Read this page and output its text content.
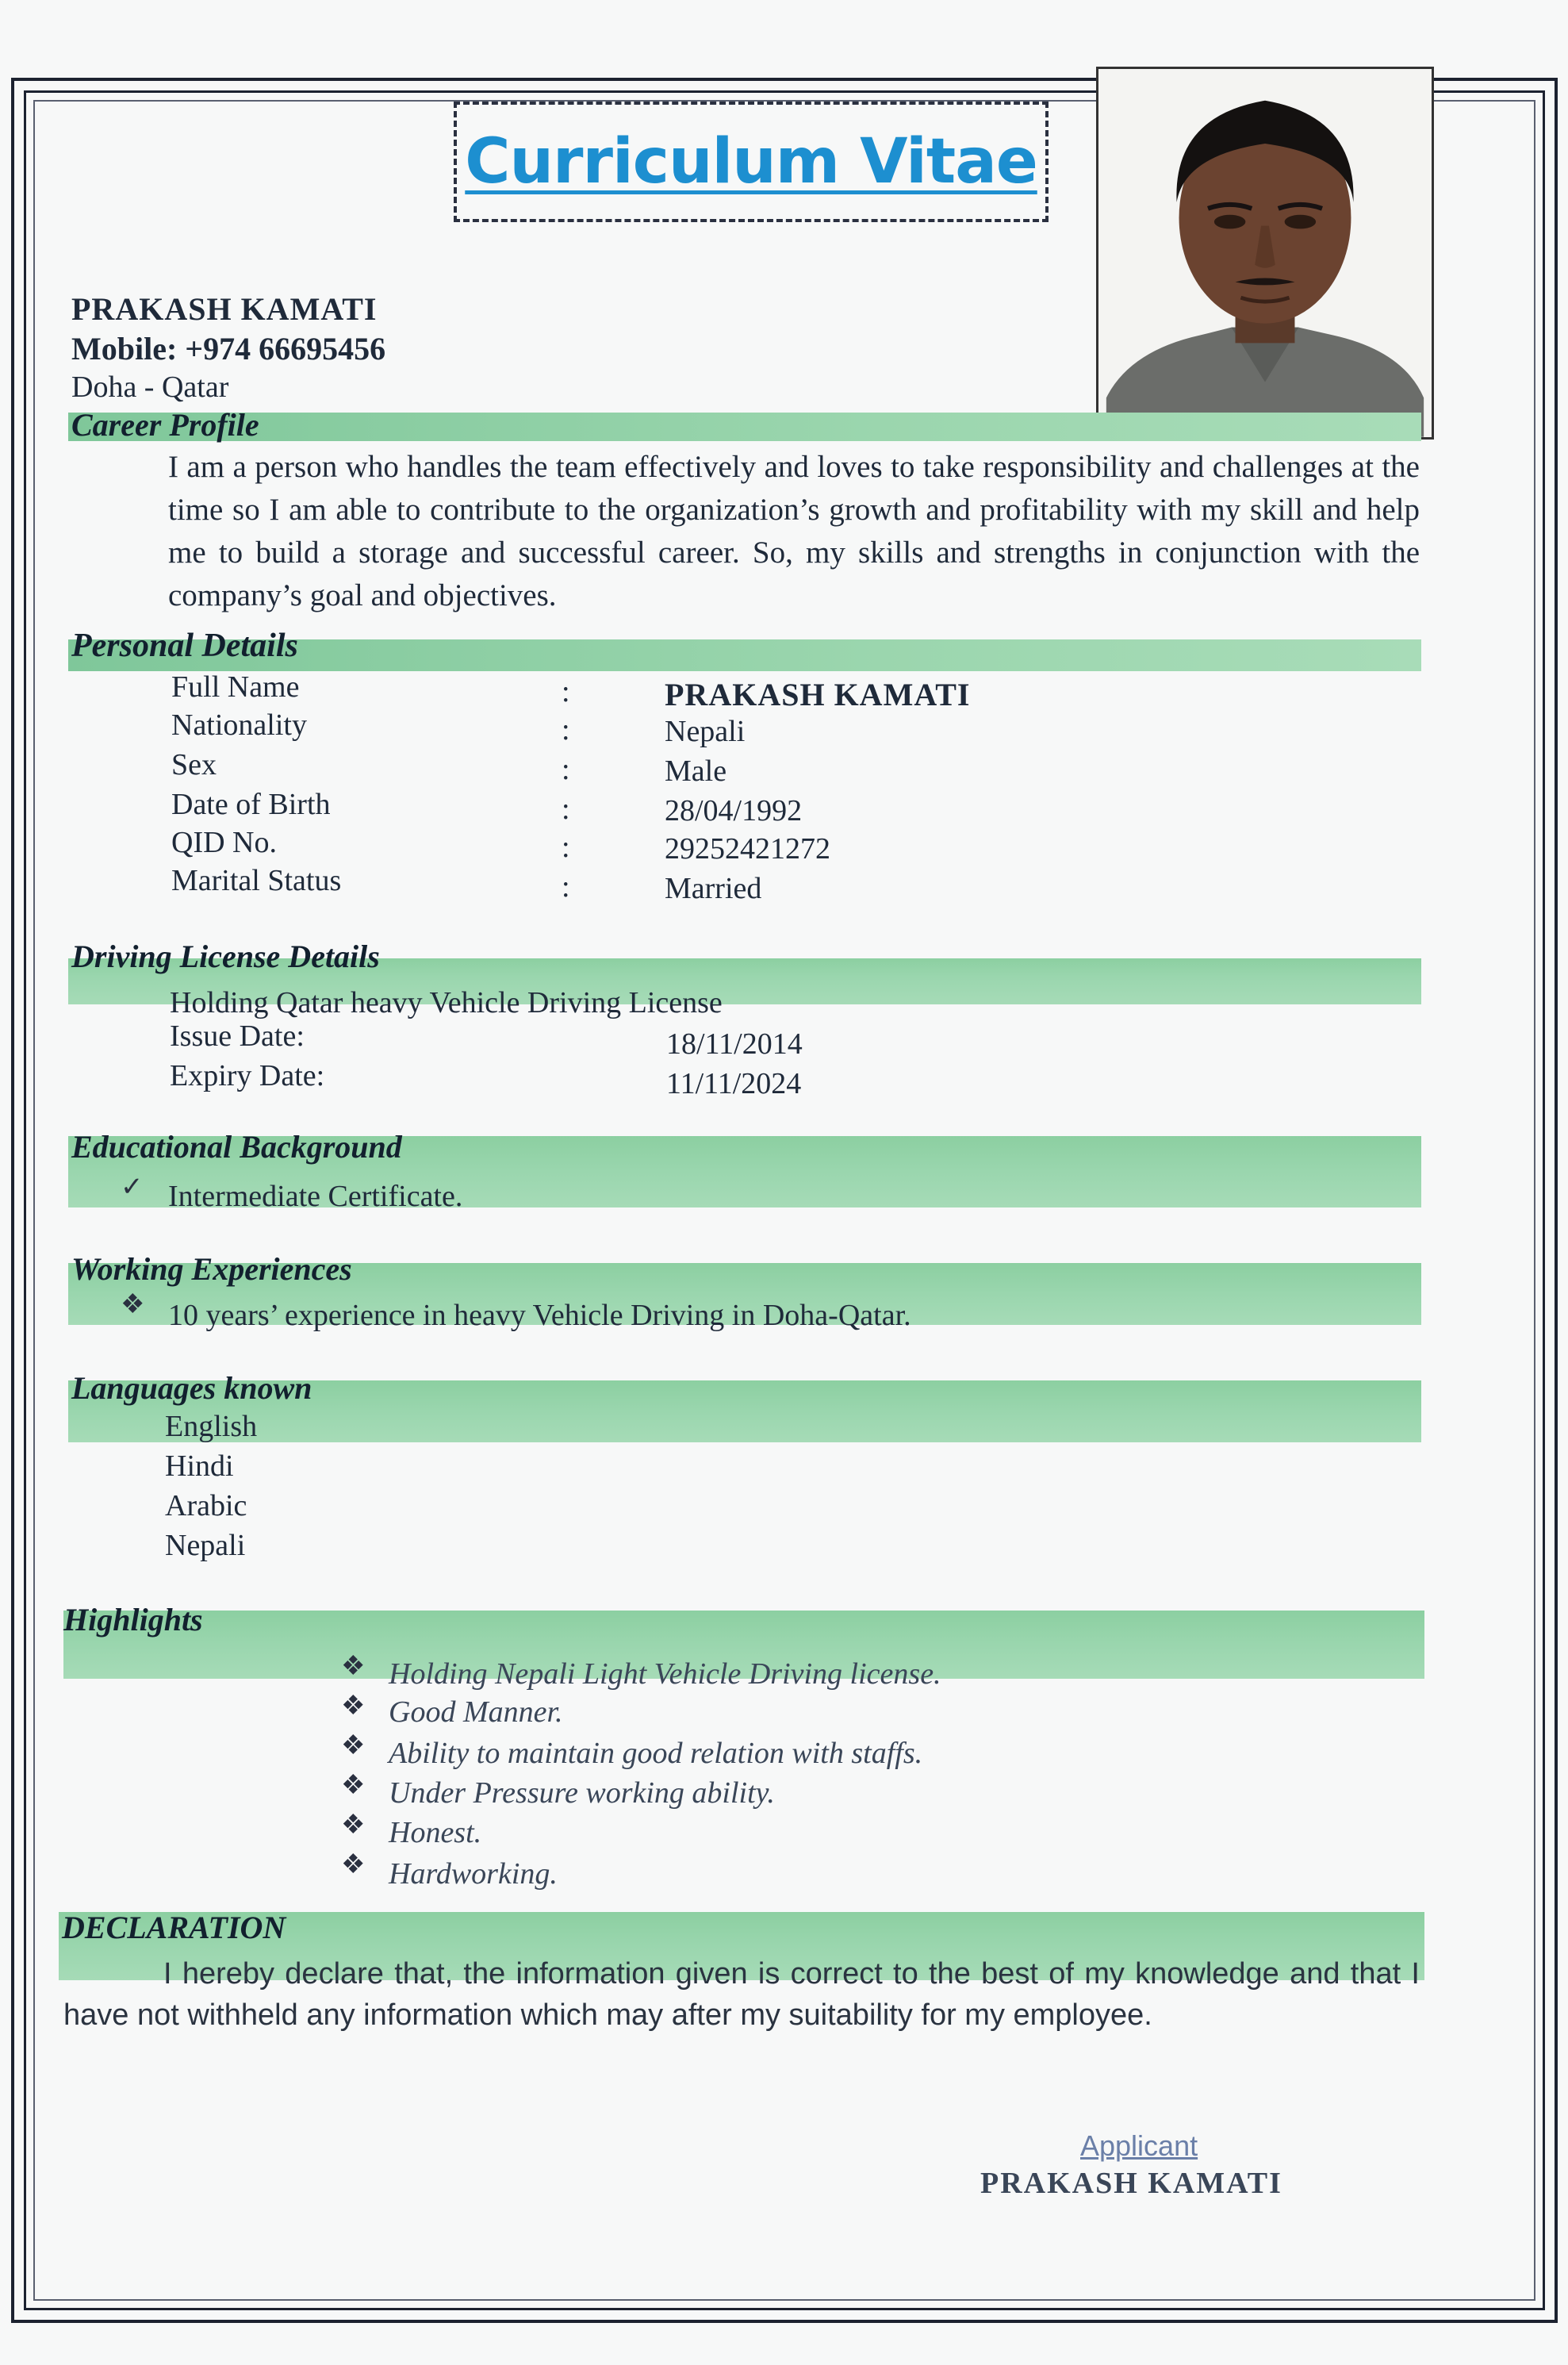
Curriculum Vitae
PRAKASH KAMATI
Mobile: +974 66695456
Doha - Qatar
Career Profile
I am a person who handles the team effectively and loves to take responsibility and challenges at the time so I am able to contribute to the organization’s growth and profitability with my skill and help me to build a storage and successful career. So, my skills and strengths in conjunction with the company’s goal and objectives.
Personal Details
Full Name	:	PRAKASH KAMATI
Nationality	:	Nepali
Sex	:	Male
Date of Birth	:	28/04/1992
QID No.	:	29252421272
Marital Status	:	Married
Driving License Details
Holding Qatar heavy Vehicle Driving License
Issue Date:	18/11/2014
Expiry Date:	11/11/2024
Educational Background
✓ Intermediate Certificate.
Working Experiences
❖ 10 years’ experience in heavy Vehicle Driving in Doha-Qatar.
Languages known
English
Hindi
Arabic
Nepali
Highlights
❖ Holding Nepali Light Vehicle Driving license.
❖ Good Manner.
❖ Ability to maintain good relation with staffs.
❖ Under Pressure working ability.
❖ Honest.
❖ Hardworking.
DECLARATION
I hereby declare that, the information given is correct to the best of my knowledge and that I have not withheld any information which may after my suitability for my employee.
Applicant
PRAKASH KAMATI
